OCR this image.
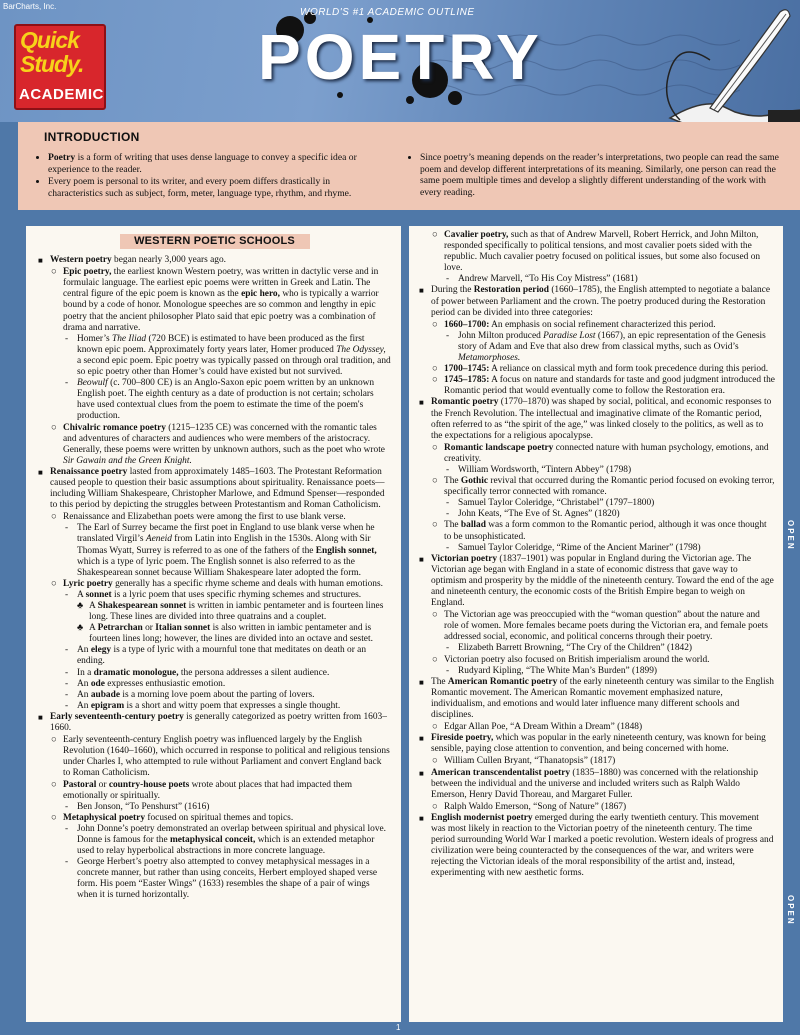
BarCharts, Inc.
Quick
Study.
ACADEMIC
WORLD'S #1 ACADEMIC OUTLINE
POETRY
INTRODUCTION
• Poetry is a form of writing that uses dense language to convey a specific idea or experience to the reader.
• Every poem is personal to its writer, and every poem differs drastically in characteristics such as subject, form, meter, language type, rhythm, and rhyme.
• Since poetry’s meaning depends on the reader’s interpretations, two people can read the same poem and develop different interpretations of its meaning. Similarly, one person can read the same poem multiple times and develop a slightly different understanding of the work with every reading.
WESTERN POETIC SCHOOLS
■ Western poetry began nearly 3,000 years ago.
○ Epic poetry, the earliest known Western poetry, was written in dactylic verse and in formulaic language. The earliest epic poems were written in Greek and Latin. The central figure of the epic poem is known as the epic hero, who is typically a warrior bound by a code of honor. Monologue speeches are so common and lengthy in epic poetry that the ancient philosopher Plato said that epic poetry was a combination of drama and narrative.
- Homer’s The Iliad (720 BCE) is estimated to have been produced as the first known epic poem. Approximately forty years later, Homer produced The Odyssey, a second epic poem. Epic poetry was typically passed on through oral tradition, and so epic poetry other than Homer’s could have existed but not survived.
- Beowulf (c. 700–800 CE) is an Anglo-Saxon epic poem written by an unknown English poet. The eighth century as a date of production is not certain; scholars have used contextual clues from the poem to estimate the time of the poem's production.
○ Chivalric romance poetry (1215–1235 CE) was concerned with the romantic tales and adventures of characters and audiences who were members of the aristocracy. Generally, these poems were written by unknown authors, such as the poet who wrote Sir Gawain and the Green Knight.
■ Renaissance poetry lasted from approximately 1485–1603. The Protestant Reformation caused people to question their basic assumptions about spirituality. Renaissance poets—including William Shakespeare, Christopher Marlowe, and Edmund Spenser—responded to this period by depicting the struggles between Protestantism and Roman Catholicism.
○ Renaissance and Elizabethan poets were among the first to use blank verse.
- The Earl of Surrey became the first poet in England to use blank verse when he translated Virgil’s Aeneid from Latin into English in the 1530s. Along with Sir Thomas Wyatt, Surrey is referred to as one of the fathers of the English sonnet, which is a type of lyric poem. The English sonnet is also referred to as the Shakespearean sonnet because William Shakespeare later adopted the form.
○ Lyric poetry generally has a specific rhyme scheme and deals with human emotions.
- A sonnet is a lyric poem that uses specific rhyming schemes and structures.
♣ A Shakespearean sonnet is written in iambic pentameter and is fourteen lines long. These lines are divided into three quatrains and a couplet.
♣ A Petrarchan or Italian sonnet is also written in iambic pentameter and is fourteen lines long; however, the lines are divided into an octave and sestet.
- An elegy is a type of lyric with a mournful tone that meditates on death or an ending.
- In a dramatic monologue, the persona addresses a silent audience.
- An ode expresses enthusiastic emotion.
- An aubade is a morning love poem about the parting of lovers.
- An epigram is a short and witty poem that expresses a single thought.
■ Early seventeenth-century poetry is generally categorized as poetry written from 1603–1660.
○ Early seventeenth-century English poetry was influenced largely by the English Revolution (1640–1660), which occurred in response to political and religious tensions under Charles I, who attempted to rule without Parliament and convert England back to Roman Catholicism.
○ Pastoral or country-house poets wrote about places that had impacted them emotionally or spiritually.
- Ben Jonson, “To Penshurst” (1616)
○ Metaphysical poetry focused on spiritual themes and topics.
- John Donne’s poetry demonstrated an overlap between spiritual and physical love. Donne is famous for the metaphysical conceit, which is an extended metaphor used to relay hyperbolical abstractions in more concrete language.
- George Herbert’s poetry also attempted to convey metaphysical messages in a concrete manner, but rather than using conceits, Herbert employed shaped verse form. His poem “Easter Wings” (1633) resembles the shape of a pair of wings when it is turned horizontally.
○ Cavalier poetry, such as that of Andrew Marvell, Robert Herrick, and John Milton, responded specifically to political tensions, and most cavalier poets sided with the republic. Much cavalier poetry focused on political issues, but some also focused on love.
- Andrew Marvell, “To His Coy Mistress” (1681)
■ During the Restoration period (1660–1785), the English attempted to negotiate a balance of power between Parliament and the crown. The poetry produced during the Restoration period can be divided into three categories:
○ 1660–1700: An emphasis on social refinement characterized this period.
- John Milton produced Paradise Lost (1667), an epic representation of the Genesis story of Adam and Eve that also drew from classical myths, such as Ovid’s Metamorphoses.
○ 1700–1745: A reliance on classical myth and form took precedence during this period.
○ 1745–1785: A focus on nature and standards for taste and good judgment introduced the Romantic period that would eventually come to follow the Restoration era.
■ Romantic poetry (1770–1870) was shaped by social, political, and economic responses to the French Revolution. The intellectual and imaginative climate of the Romantic period, often referred to as “the spirit of the age,” was linked closely to the politics, as well as to the expectations for a religious apocalypse.
○ Romantic landscape poetry connected nature with human psychology, emotions, and creativity.
- William Wordsworth, “Tintern Abbey” (1798)
○ The Gothic revival that occurred during the Romantic period focused on evoking terror, specifically terror connected with romance.
- Samuel Taylor Coleridge, “Christabel” (1797–1800)
- John Keats, “The Eve of St. Agnes” (1820)
○ The ballad was a form common to the Romantic period, although it was once thought to be unsophisticated.
- Samuel Taylor Coleridge, “Rime of the Ancient Mariner” (1798)
■ Victorian poetry (1837–1901) was popular in England during the Victorian age. The Victorian age began with England in a state of economic distress that gave way to optimism and prosperity by the middle of the nineteenth century. Toward the end of the age and nineteenth century, the economic costs of the British Empire began to weigh on England.
○ The Victorian age was preoccupied with the “woman question” about the nature and role of women. More females became poets during the Victorian era, and female poets addressed social, economic, and political concerns through their poetry.
- Elizabeth Barrett Browning, “The Cry of the Children” (1842)
○ Victorian poetry also focused on British imperialism around the world.
- Rudyard Kipling, “The White Man’s Burden” (1899)
■ The American Romantic poetry of the early nineteenth century was similar to the English Romantic movement. The American Romantic movement emphasized nature, individualism, and emotions and would later influence many different schools and disciplines.
○ Edgar Allan Poe, “A Dream Within a Dream” (1848)
■ Fireside poetry, which was popular in the early nineteenth century, was known for being sensible, paying close attention to convention, and being concerned with home.
○ William Cullen Bryant, “Thanatopsis” (1817)
■ American transcendentalist poetry (1835–1880) was concerned with the relationship between the individual and the universe and included writers such as Ralph Waldo Emerson, Henry David Thoreau, and Margaret Fuller.
○ Ralph Waldo Emerson, “Song of Nature” (1867)
■ English modernist poetry emerged during the early twentieth century. This movement was most likely in reaction to the Victorian poetry of the nineteenth century. The time period surrounding World War I marked a poetic revolution. Western ideals of progress and civilization were being counteracted by the consequences of the war, and writers were rejecting the Victorian ideals of the moral responsibility of the artist and, instead, experimenting with new aesthetic forms.
OPEN
OPEN
1
